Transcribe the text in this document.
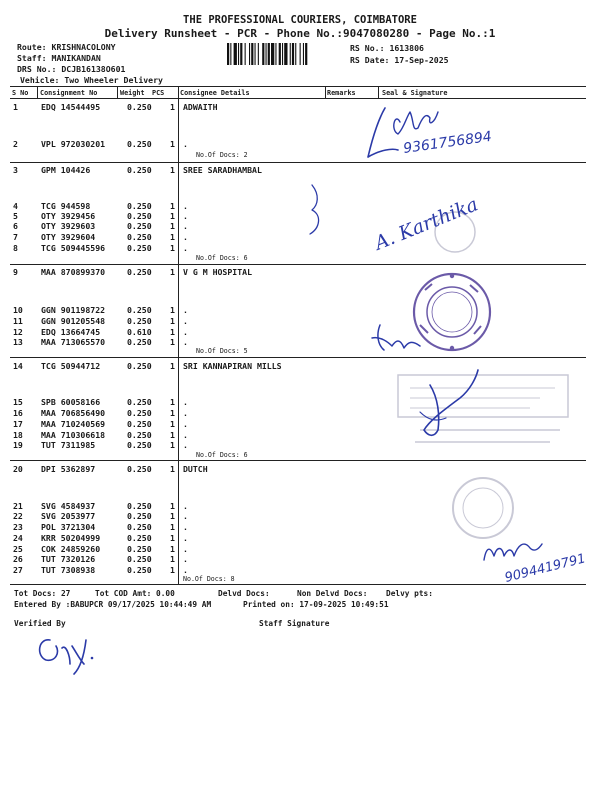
THE PROFESSIONAL COURIERS, COIMBATORE
Delivery Runsheet - PCR - Phone No.:9047080280 - Page No.:1
Route: KRISHNACOLONY
Staff: MANIKANDAN
DRS No.: DCJB16138O601
Vehicle: Two Wheeler Delivery
RS No.: 1613806
RS Date: 17-Sep-2025
S No Consignment No	Weight PCS Consignee Details	Remarks	Seal & Signature
1	EDQ 14544495	0.250 1 ADWAITH
2	VPL 972030201	0.250 1 .
No.Of Docs: 2
3	GPM 104426	0.250 1 SREE SARADHAMBAL
4	TCG 944598	0.250 1 .
5	OTY 3929456	0.250 1 .
6	OTY 3929603	0.250 1 .
7	OTY 3929604	0.250 1 .
8	TCG 509445596	0.250 1 .
No.Of Docs: 6
9	MAA 870899370	0.250 1 V G M HOSPITAL
10 GGN 901198722	0.250 1 .
11 GGN 901205548	0.250 1 .
12 EDQ 13664745	0.610 1 .
13 MAA 713065570	0.250 1 .
No.Of Docs: 5
14 TCG 50944712	0.250 1 SRI KANNAPIRAN MILLS
15 SPB 60058166	0.250 1 .
16 MAA 706856490	0.250 1 .
17 MAA 710240569	0.250 1 .
18 MAA 710306618	0.250 1 .
19 TUT 7311985	0.250 1 .
No.Of Docs: 6
20 DPI 5362897	0.250 1 DUTCH
21 SVG 4584937	0.250 1 .
22 SVG 2053977	0.250 1 .
23 POL 3721304	0.250 1 .
24 KRR 50204999	0.250 1 .
25 COK 24859260	0.250 1 .
26 TUT 7320126	0.250 1 .
27 TUT 7308938	0.250 1 .
No.Of Docs: 8
Tot Docs: 27	Tot COD Amt: 0.00	Delvd Docs:	Non Delvd Docs: Delvy pts:
Entered By :BABUPCR 09/17/2025 10:44:49 AM	Printed on: 17-09-2025 10:49:51
Verified By	Staff Signature
9361756894
A. Karthika
9094419791
